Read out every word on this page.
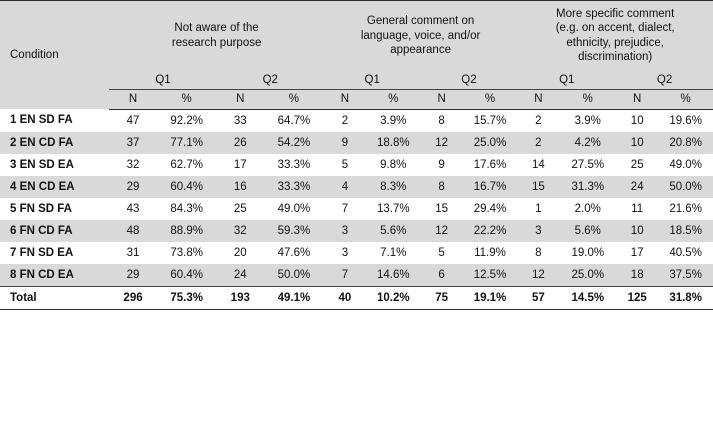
Condition	
Not aware of the
research purpose

General comment on
language, voice, and/or
appearance

More specific comment
(e.g. on accent, dialect,
ethnicity, prejudice,
discrimination)

	Q1		Q2		Q1		Q2		Q1		Q2	
	N	%	N	%	N	%	N	%	N	%	N	%
1 EN SD FA	47	92.2%	33	64.7%	2	3.9%	8	15.7%	2	3.9%	10	19.6%
2 EN CD FA	37	77.1%	26	54.2%	9	18.8%	12	25.0%	2	4.2%	10	20.8%
3 EN SD EA	32	62.7%	17	33.3%	5	9.8%	9	17.6%	14	27.5%	25	49.0%
4 EN CD EA	29	60.4%	16	33.3%	4	8.3%	8	16.7%	15	31.3%	24	50.0%
5 FN SD FA	43	84.3%	25	49.0%	7	13.7%	15	29.4%	1	2.0%	11	21.6%
6 FN CD FA	48	88.9%	32	59.3%	3	5.6%	12	22.2%	3	5.6%	10	18.5%
7 FN SD EA	31	73.8%	20	47.6%	3	7.1%	5	11.9%	8	19.0%	17	40.5%
8 FN CD EA	29	60.4%	24	50.0%	7	14.6%	6	12.5%	12	25.0%	18	37.5%
Total	296	75.3%	193	49.1%	40	10.2%	75	19.1%	57	14.5%	125	31.8%
